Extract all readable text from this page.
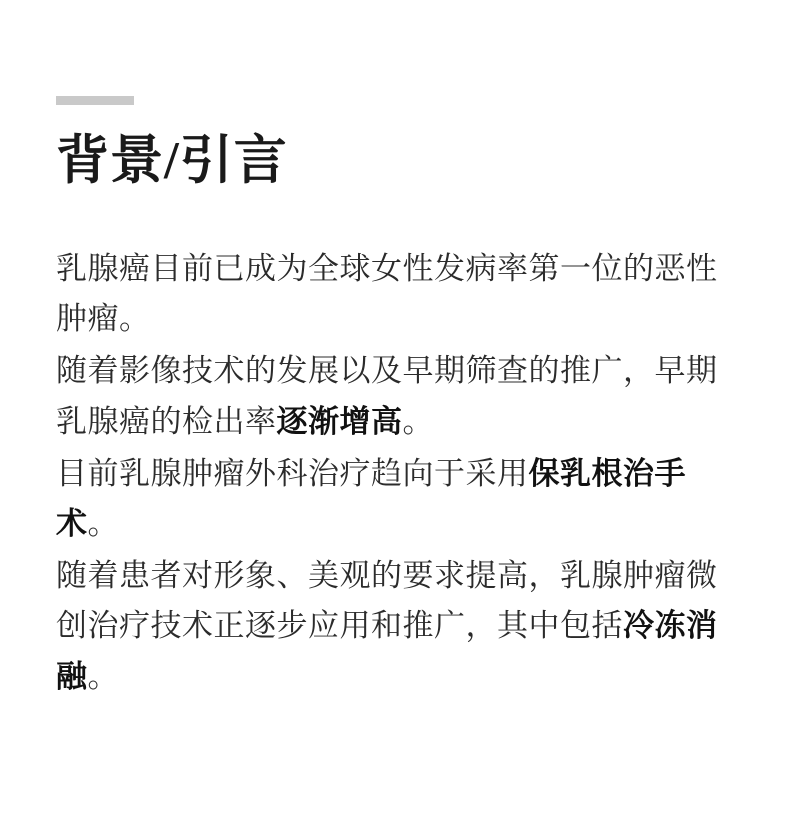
背景/引言

乳腺癌目前已成为全球女性发病率第一位的恶性肿瘤。

随着影像技术的发展以及早期筛查的推广，早期乳腺癌的检出率逐渐增高。

目前乳腺肿瘤外科治疗趋向于采用保乳根治手术。

随着患者对形象、美观的要求提高，乳腺肿瘤微创治疗技术正逐步应用和推广，其中包括冷冻消融。
